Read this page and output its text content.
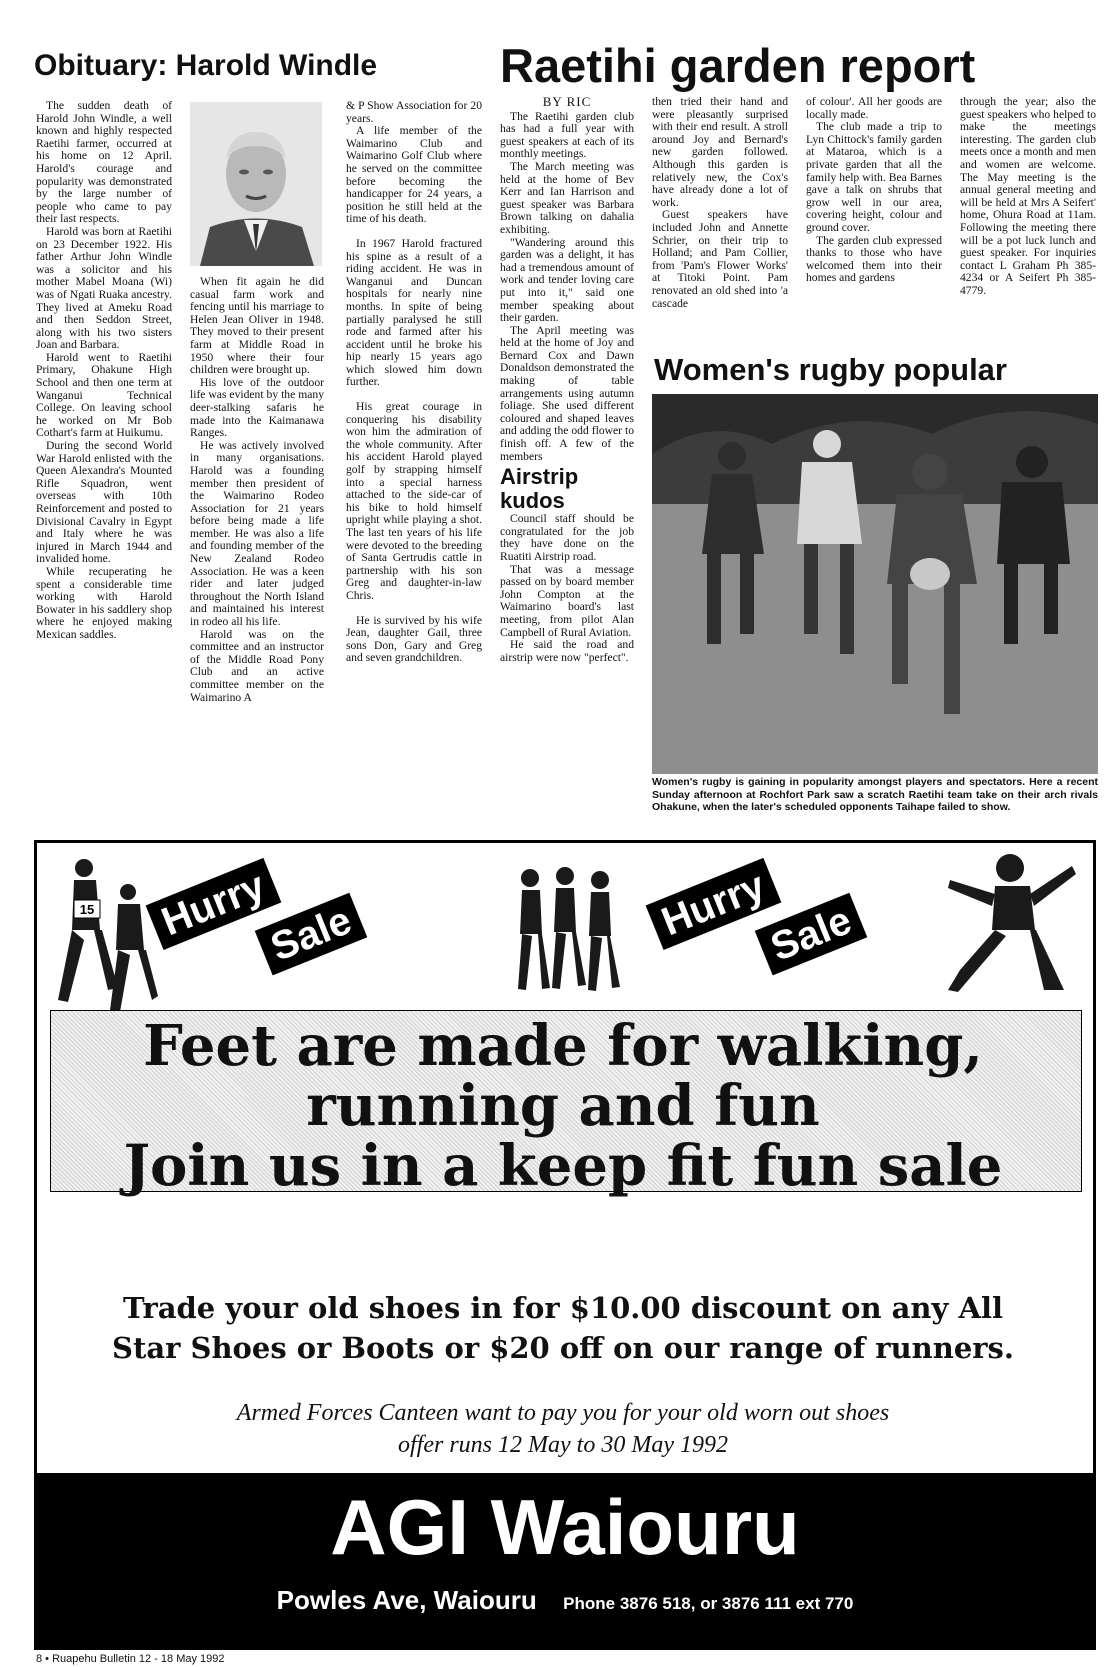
Obituary: Harold Windle

The sudden death of Harold John Windle, a well known and highly respected Raetihi farmer, occurred at his home on 12 April. Harold's courage and popularity was demonstrated by the large number of people who came to pay their last respects.

Harold was born at Raetihi on 23 December 1922. His father Arthur John Windle was a solicitor and his mother Mabel Moana (Wi) was of Ngati Ruaka ancestry. They lived at Ameku Road and then Seddon Street, along with his two sisters Joan and Barbara.

Harold went to Raetihi Primary, Ohakune High School and then one term at Wanganui Technical College. On leaving school he worked on Mr Bob Cothart's farm at Huikumu.

During the second World War Harold enlisted with the Queen Alexandra's Mounted Rifle Squadron, went overseas with 10th Reinforcement and posted to Divisional Cavalry in Egypt and Italy where he was injured in March 1944 and invalided home.

While recuperating he spent a considerable time working with Harold Bowater in his saddlery shop where he enjoyed making Mexican saddles.

When fit again he did casual farm work and fencing until his marriage to Helen Jean Oliver in 1948. They moved to their present farm at Middle Road in 1950 where their four children were brought up.

His love of the outdoor life was evident by the many deer-stalking safaris he made into the Kaimanawa Ranges.

He was actively involved in many organisations. Harold was a founding member then president of the Waimarino Rodeo Association for 21 years before being made a life member. He was also a life and founding member of the New Zealand Rodeo Association. He was a keen rider and later judged throughout the North Island and maintained his interest in rodeo all his life.

Harold was on the committee and an instructor of the Middle Road Pony Club and an active committee member on the Waimarino A

& P Show Association for 20 years.

A life member of the Waimarino Club and Waimarino Golf Club where he served on the committee before becoming the handicapper for 24 years, a position he still held at the time of his death.

In 1967 Harold fractured his spine as a result of a riding accident. He was in Wanganui and Duncan hospitals for nearly nine months. In spite of being partially paralysed he still rode and farmed after his accident until he broke his hip nearly 15 years ago which slowed him down further.

His great courage in conquering his disability won him the admiration of the whole community. After his accident Harold played golf by strapping himself into a special harness attached to the side-car of his bike to hold himself upright while playing a shot. The last ten years of his life were devoted to the breeding of Santa Gertrudis cattle in partnership with his son Greg and daughter-in-law Chris.

He is survived by his wife Jean, daughter Gail, three sons Don, Gary and Greg and seven grandchildren.

Raetihi garden report
BY RIC

The Raetihi garden club has had a full year with guest speakers at each of its monthly meetings.

The March meeting was held at the home of Bev Kerr and Ian Harrison and guest speaker was Barbara Brown talking on dahalia exhibiting.

"Wandering around this garden was a delight, it has had a tremendous amount of work and tender loving care put into it," said one member speaking about their garden.

The April meeting was held at the home of Joy and Bernard Cox and Dawn Donaldson demonstrated the making of table arrangements using autumn foliage. She used different coloured and shaped leaves and adding the odd flower to finish off. A few of the members

Airstrip kudos

Council staff should be congratulated for the job they have done on the Ruatiti Airstrip road.

That was a message passed on by board member John Compton at the Waimarino board's last meeting, from pilot Alan Campbell of Rural Aviation.

He said the road and airstrip were now "perfect".

then tried their hand and were pleasantly surprised with their end result. A stroll around Joy and Bernard's new garden followed. Although this garden is relatively new, the Cox's have already done a lot of work.

Guest speakers have included John and Annette Schrier, on their trip to Holland; and Pam Collier, from 'Pam's Flower Works' at Titoki Point. Pam renovated an old shed into 'a cascade

of colour'. All her goods are locally made.

The club made a trip to Lyn Chittock's family garden at Mataroa, which is a private garden that all the family help with. Bea Barnes gave a talk on shrubs that grow well in our area, covering height, colour and ground cover.

The garden club expressed thanks to those who have welcomed them into their homes and gardens

through the year; also the guest speakers who helped to make the meetings interesting. The garden club meets once a month and men and women are welcome. The May meeting is the annual general meeting and will be held at Mrs A Seifert' home, Ohura Road at 11am. Following the meeting there will be a pot luck lunch and guest speaker. For inquiries contact L Graham Ph 385-4234 or A Seifert Ph 385-4779.

Women's rugby popular
Women's rugby is gaining in popularity amongst players and spectators. Here a recent Sunday afternoon at Rochfort Park saw a scratch Raetihi team take on their arch rivals Ohakune, when the later's scheduled opponents Taihape failed to show.
15 Hurry
Sale	Hurry
Sale
Feet are made for walking,
running and fun
Join us in a keep fit fun sale
Trade your old shoes in for $10.00 discount on any All
Star Shoes or Boots or $20 off on our range of runners.
Armed Forces Canteen want to pay you for your old worn out shoes
offer runs 12 May to 30 May 1992
AGI Waiouru
Powles Ave, Waiouru Phone 3876 518, or 3876 111 ext 770
8 • Ruapehu Bulletin 12 - 18 May 1992
